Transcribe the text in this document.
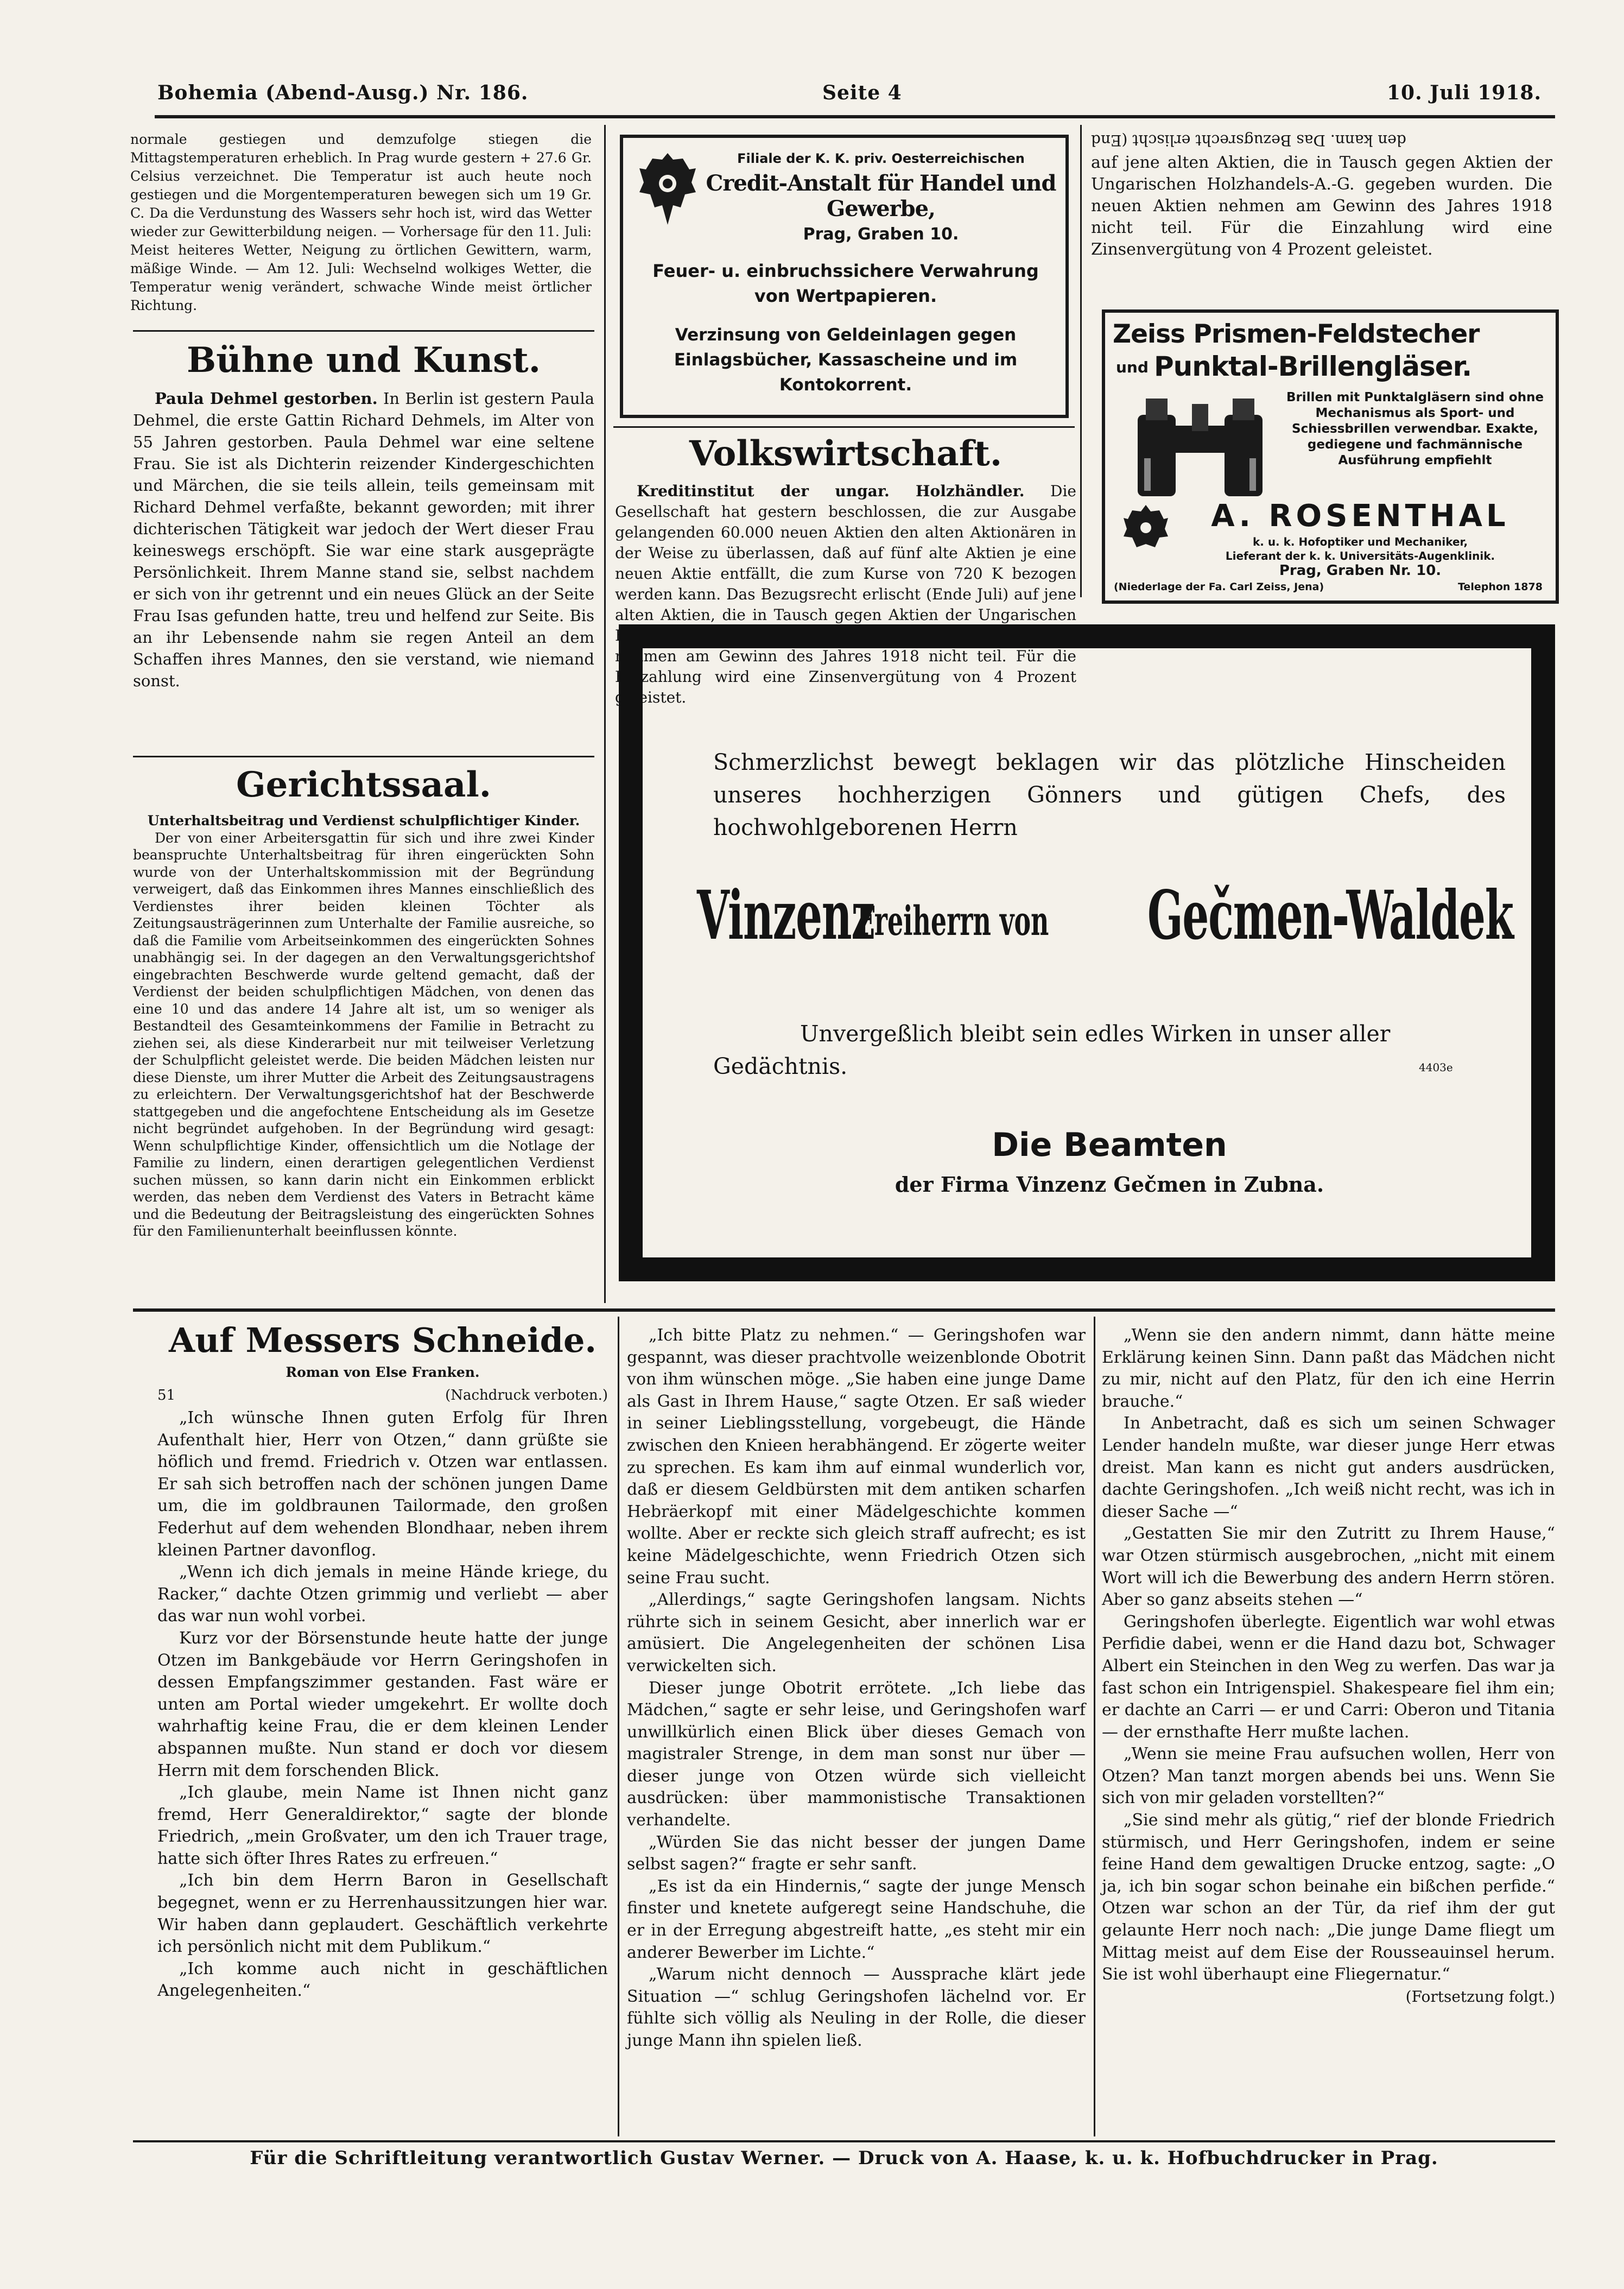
Bohemia (Abend-Ausg.) Nr. 186.	Seite 4	10. Juli 1918.
normale gestiegen und demzufolge stiegen die Mittagstemperaturen erheblich. In Prag wurde gestern + 27.6 Gr. Celsius verzeichnet. Die Temperatur ist auch heute noch gestiegen und die Morgentemperaturen bewegen sich um 19 Gr. C. Da die Verdunstung des Wassers sehr hoch ist, wird das Wetter wieder zur Gewitterbildung neigen. — Vorhersage für den 11. Juli: Meist heiteres Wetter, Neigung zu örtlichen Gewittern, warm, mäßige Winde. — Am 12. Juli: Wechselnd wolkiges Wetter, die Temperatur wenig verändert, schwache Winde meist örtlicher Richtung.
Bühne und Kunst.

Paula Dehmel gestorben. In Berlin ist gestern Paula Dehmel, die erste Gattin Richard Dehmels, im Alter von 55 Jahren gestorben. Paula Dehmel war eine seltene Frau. Sie ist als Dichterin reizender Kindergeschichten und Märchen, die sie teils allein, teils gemeinsam mit Richard Dehmel verfaßte, bekannt geworden; mit ihrer dichterischen Tätigkeit war jedoch der Wert dieser Frau keineswegs erschöpft. Sie war eine stark ausgeprägte Persönlichkeit. Ihrem Manne stand sie, selbst nachdem er sich von ihr getrennt und ein neues Glück an der Seite Frau Isas gefunden hatte, treu und helfend zur Seite. Bis an ihr Lebensende nahm sie regen Anteil an dem Schaffen ihres Mannes, den sie verstand, wie niemand sonst.

Gerichtssaal.

Unterhaltsbeitrag und Verdienst schulpflichtiger Kinder.

Der von einer Arbeitersgattin für sich und ihre zwei Kinder beanspruchte Unterhaltsbeitrag für ihren eingerückten Sohn wurde von der Unterhaltskommission mit der Begründung verweigert, daß das Einkommen ihres Mannes einschließlich des Verdienstes ihrer beiden kleinen Töchter als Zeitungsausträgerinnen zum Unterhalte der Familie ausreiche, so daß die Familie vom Arbeitseinkommen des eingerückten Sohnes unabhängig sei. In der dagegen an den Verwaltungsgerichtshof eingebrachten Beschwerde wurde geltend gemacht, daß der Verdienst der beiden schulpflichtigen Mädchen, von denen das eine 10 und das andere 14 Jahre alt ist, um so weniger als Bestandteil des Gesamteinkommens der Familie in Betracht zu ziehen sei, als diese Kinderarbeit nur mit teilweiser Verletzung der Schulpflicht geleistet werde. Die beiden Mädchen leisten nur diese Dienste, um ihrer Mutter die Arbeit des Zeitungsaustragens zu erleichtern. Der Verwaltungsgerichtshof hat der Beschwerde stattgegeben und die angefochtene Entscheidung als im Gesetze nicht begründet aufgehoben. In der Begründung wird gesagt: Wenn schulpflichtige Kinder, offensichtlich um die Notlage der Familie zu lindern, einen derartigen gelegentlichen Verdienst suchen müssen, so kann darin nicht ein Einkommen erblickt werden, das neben dem Verdienst des Vaters in Betracht käme und die Bedeutung der Beitragsleistung des eingerückten Sohnes für den Familienunterhalt beeinflussen könnte.

Filiale der K. K. priv. Oesterreichischen
Credit-Anstalt für Handel und Gewerbe,
Prag, Graben 10.
Feuer- u. einbruchssichere Verwahrung von Wertpapieren.
Verzinsung von Geldeinlagen gegen Einlagsbücher, Kassascheine und im Kontokorrent.
Volkswirtschaft.

Kreditinstitut der ungar. Holzhändler. Die Gesellschaft hat gestern beschlossen, die zur Ausgabe gelangenden 60.000 neuen Aktien den alten Aktionären in der Weise zu überlassen, daß auf fünf alte Aktien je eine neuen Aktie entfällt, die zum Kurse von 720 K bezogen werden kann. Das Bezugsrecht erlischt (Ende Juli) auf jene alten Aktien, die in Tausch gegen Aktien der Ungarischen Holzhandels-A.-G. gegeben wurden. Die neuen Aktien nehmen am Gewinn des Jahres 1918 nicht teil. Für die Einzahlung wird eine Zinsenvergütung von 4 Prozent geleistet.

den kann. Das Bezugsrecht erlischt (End
auf jene alten Aktien, die in Tausch gegen Aktien der Ungarischen Holzhandels-A.-G. gegeben wurden. Die neuen Aktien nehmen am Gewinn des Jahres 1918 nicht teil. Für die Einzahlung wird eine Zinsenvergütung von 4 Prozent geleistet.
Zeiss Prismen-Feldstecher
und Punktal-Brillengläser.
Brillen mit Punktalgläsern sind ohne Mechanismus als Sport- und Schiessbrillen verwendbar. Exakte, gediegene und fachmännische Ausführung empfiehlt
A. ROSENTHAL
k. u. k. Hofoptiker und Mechaniker,
Lieferant der k. k. Universitäts-Augenklinik.
Prag, Graben Nr. 10.
(Niederlage der Fa. Carl Zeiss, Jena)	Telephon 1878
Schmerzlichst bewegt beklagen wir das plötzliche Hinscheiden unseres hochherzigen Gönners und gütigen Chefs, des hochwohlgeborenen Herrn
Vinzenz
Freiherrn von Gečmen-Waldek
Unvergeßlich bleibt sein edles Wirken in unser aller Gedächtnis.	4403e
Die Beamten
der Firma Vinzenz Gečmen in Zubna.
Auf Messers Schneide.
Roman von Else Franken.
51	(Nachdruck verboten.)

„Ich wünsche Ihnen guten Erfolg für Ihren Aufenthalt hier, Herr von Otzen,“ dann grüßte sie höflich und fremd. Friedrich v. Otzen war entlassen. Er sah sich betroffen nach der schönen jungen Dame um, die im goldbraunen Tailormade, den großen Federhut auf dem wehenden Blondhaar, neben ihrem kleinen Partner davonflog.

„Wenn ich dich jemals in meine Hände kriege, du Racker,“ dachte Otzen grimmig und verliebt — aber das war nun wohl vorbei.

Kurz vor der Börsenstunde heute hatte der junge Otzen im Bankgebäude vor Herrn Geringshofen in dessen Empfangszimmer gestanden. Fast wäre er unten am Portal wieder umgekehrt. Er wollte doch wahrhaftig keine Frau, die er dem kleinen Lender abspannen mußte. Nun stand er doch vor diesem Herrn mit dem forschenden Blick.

„Ich glaube, mein Name ist Ihnen nicht ganz fremd, Herr Generaldirektor,“ sagte der blonde Friedrich, „mein Großvater, um den ich Trauer trage, hatte sich öfter Ihres Rates zu erfreuen.“

„Ich bin dem Herrn Baron in Gesellschaft begegnet, wenn er zu Herrenhaussitzungen hier war. Wir haben dann geplaudert. Geschäftlich verkehrte ich persönlich nicht mit dem Publikum.“

„Ich komme auch nicht in geschäftlichen Angelegenheiten.“

„Ich bitte Platz zu nehmen.“ — Geringshofen war gespannt, was dieser prachtvolle weizenblonde Obotrit von ihm wünschen möge. „Sie haben eine junge Dame als Gast in Ihrem Hause,“ sagte Otzen. Er saß wieder in seiner Lieblingsstellung, vorgebeugt, die Hände zwischen den Knieen herabhängend. Er zögerte weiter zu sprechen. Es kam ihm auf einmal wunderlich vor, daß er diesem Geldbürsten mit dem antiken scharfen Hebräerkopf mit einer Mädelgeschichte kommen wollte. Aber er reckte sich gleich straff aufrecht; es ist keine Mädelgeschichte, wenn Friedrich Otzen sich seine Frau sucht.

„Allerdings,“ sagte Geringshofen langsam. Nichts rührte sich in seinem Gesicht, aber innerlich war er amüsiert. Die Angelegenheiten der schönen Lisa verwickelten sich.

Dieser junge Obotrit errötete. „Ich liebe das Mädchen,“ sagte er sehr leise, und Geringshofen warf unwillkürlich einen Blick über dieses Gemach von magistraler Strenge, in dem man sonst nur über — dieser junge von Otzen würde sich vielleicht ausdrücken: über mammonistische Transaktionen verhandelte.

„Würden Sie das nicht besser der jungen Dame selbst sagen?“ fragte er sehr sanft.

„Es ist da ein Hindernis,“ sagte der junge Mensch finster und knetete aufgeregt seine Handschuhe, die er in der Erregung abgestreift hatte, „es steht mir ein anderer Bewerber im Lichte.“

„Warum nicht dennoch — Aussprache klärt jede Situation —“ schlug Geringshofen lächelnd vor. Er fühlte sich völlig als Neuling in der Rolle, die dieser junge Mann ihn spielen ließ.

„Wenn sie den andern nimmt, dann hätte meine Erklärung keinen Sinn. Dann paßt das Mädchen nicht zu mir, nicht auf den Platz, für den ich eine Herrin brauche.“

In Anbetracht, daß es sich um seinen Schwager Lender handeln mußte, war dieser junge Herr etwas dreist. Man kann es nicht gut anders ausdrücken, dachte Geringshofen. „Ich weiß nicht recht, was ich in dieser Sache —“

„Gestatten Sie mir den Zutritt zu Ihrem Hause,“ war Otzen stürmisch ausgebrochen, „nicht mit einem Wort will ich die Bewerbung des andern Herrn stören. Aber so ganz abseits stehen —“

Geringshofen überlegte. Eigentlich war wohl etwas Perfidie dabei, wenn er die Hand dazu bot, Schwager Albert ein Steinchen in den Weg zu werfen. Das war ja fast schon ein Intrigenspiel. Shakespeare fiel ihm ein; er dachte an Carri — er und Carri: Oberon und Titania — der ernsthafte Herr mußte lachen.

„Wenn sie meine Frau aufsuchen wollen, Herr von Otzen? Man tanzt morgen abends bei uns. Wenn Sie sich von mir geladen vorstellten?“

„Sie sind mehr als gütig,“ rief der blonde Friedrich stürmisch, und Herr Geringshofen, indem er seine feine Hand dem gewaltigen Drucke entzog, sagte: „O ja, ich bin sogar schon beinahe ein bißchen perfide.“ Otzen war schon an der Tür, da rief ihm der gut gelaunte Herr noch nach: „Die junge Dame fliegt um Mittag meist auf dem Eise der Rousseauinsel herum. Sie ist wohl überhaupt eine Fliegernatur.“

(Fortsetzung folgt.)
Für die Schriftleitung verantwortlich Gustav Werner. — Druck von A. Haase, k. u. k. Hofbuchdrucker in Prag.
